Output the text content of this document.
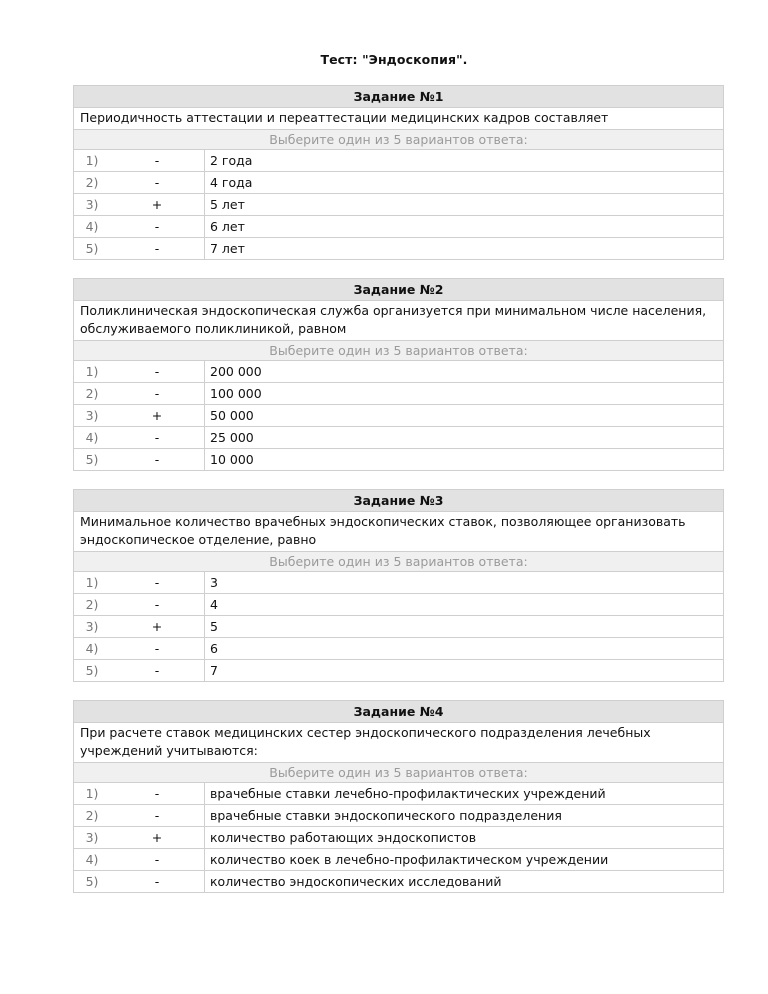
Тест: "Эндоскопия".
Задание №1
Периодичность аттестации и переаттестации медицинских кадров составляет
Выберите один из 5 вариантов ответа:
1)	-	2 года
2)	-	4 года
3)	+	5 лет
4)	-	6 лет
5)	-	7 лет
Задание №2
Поликлиническая эндоскопическая служба организуется при минимальном числе населения, обслуживаемого поликлиникой, равном
Выберите один из 5 вариантов ответа:
1)	-	200 000
2)	-	100 000
3)	+	50 000
4)	-	25 000
5)	-	10 000
Задание №3
Минимальное количество врачебных эндоскопических ставок, позволяющее организовать эндоскопическое отделение, равно
Выберите один из 5 вариантов ответа:
1)	-	3
2)	-	4
3)	+	5
4)	-	6
5)	-	7
Задание №4
При расчете ставок медицинских сестер эндоскопического подразделения лечебных учреждений учитываются:
Выберите один из 5 вариантов ответа:
1)	-	врачебные ставки лечебно-профилактических учреждений
2)	-	врачебные ставки эндоскопического подразделения
3)	+	количество работающих эндоскопистов
4)	-	количество коек в лечебно-профилактическом учреждении
5)	-	количество эндоскопических исследований
